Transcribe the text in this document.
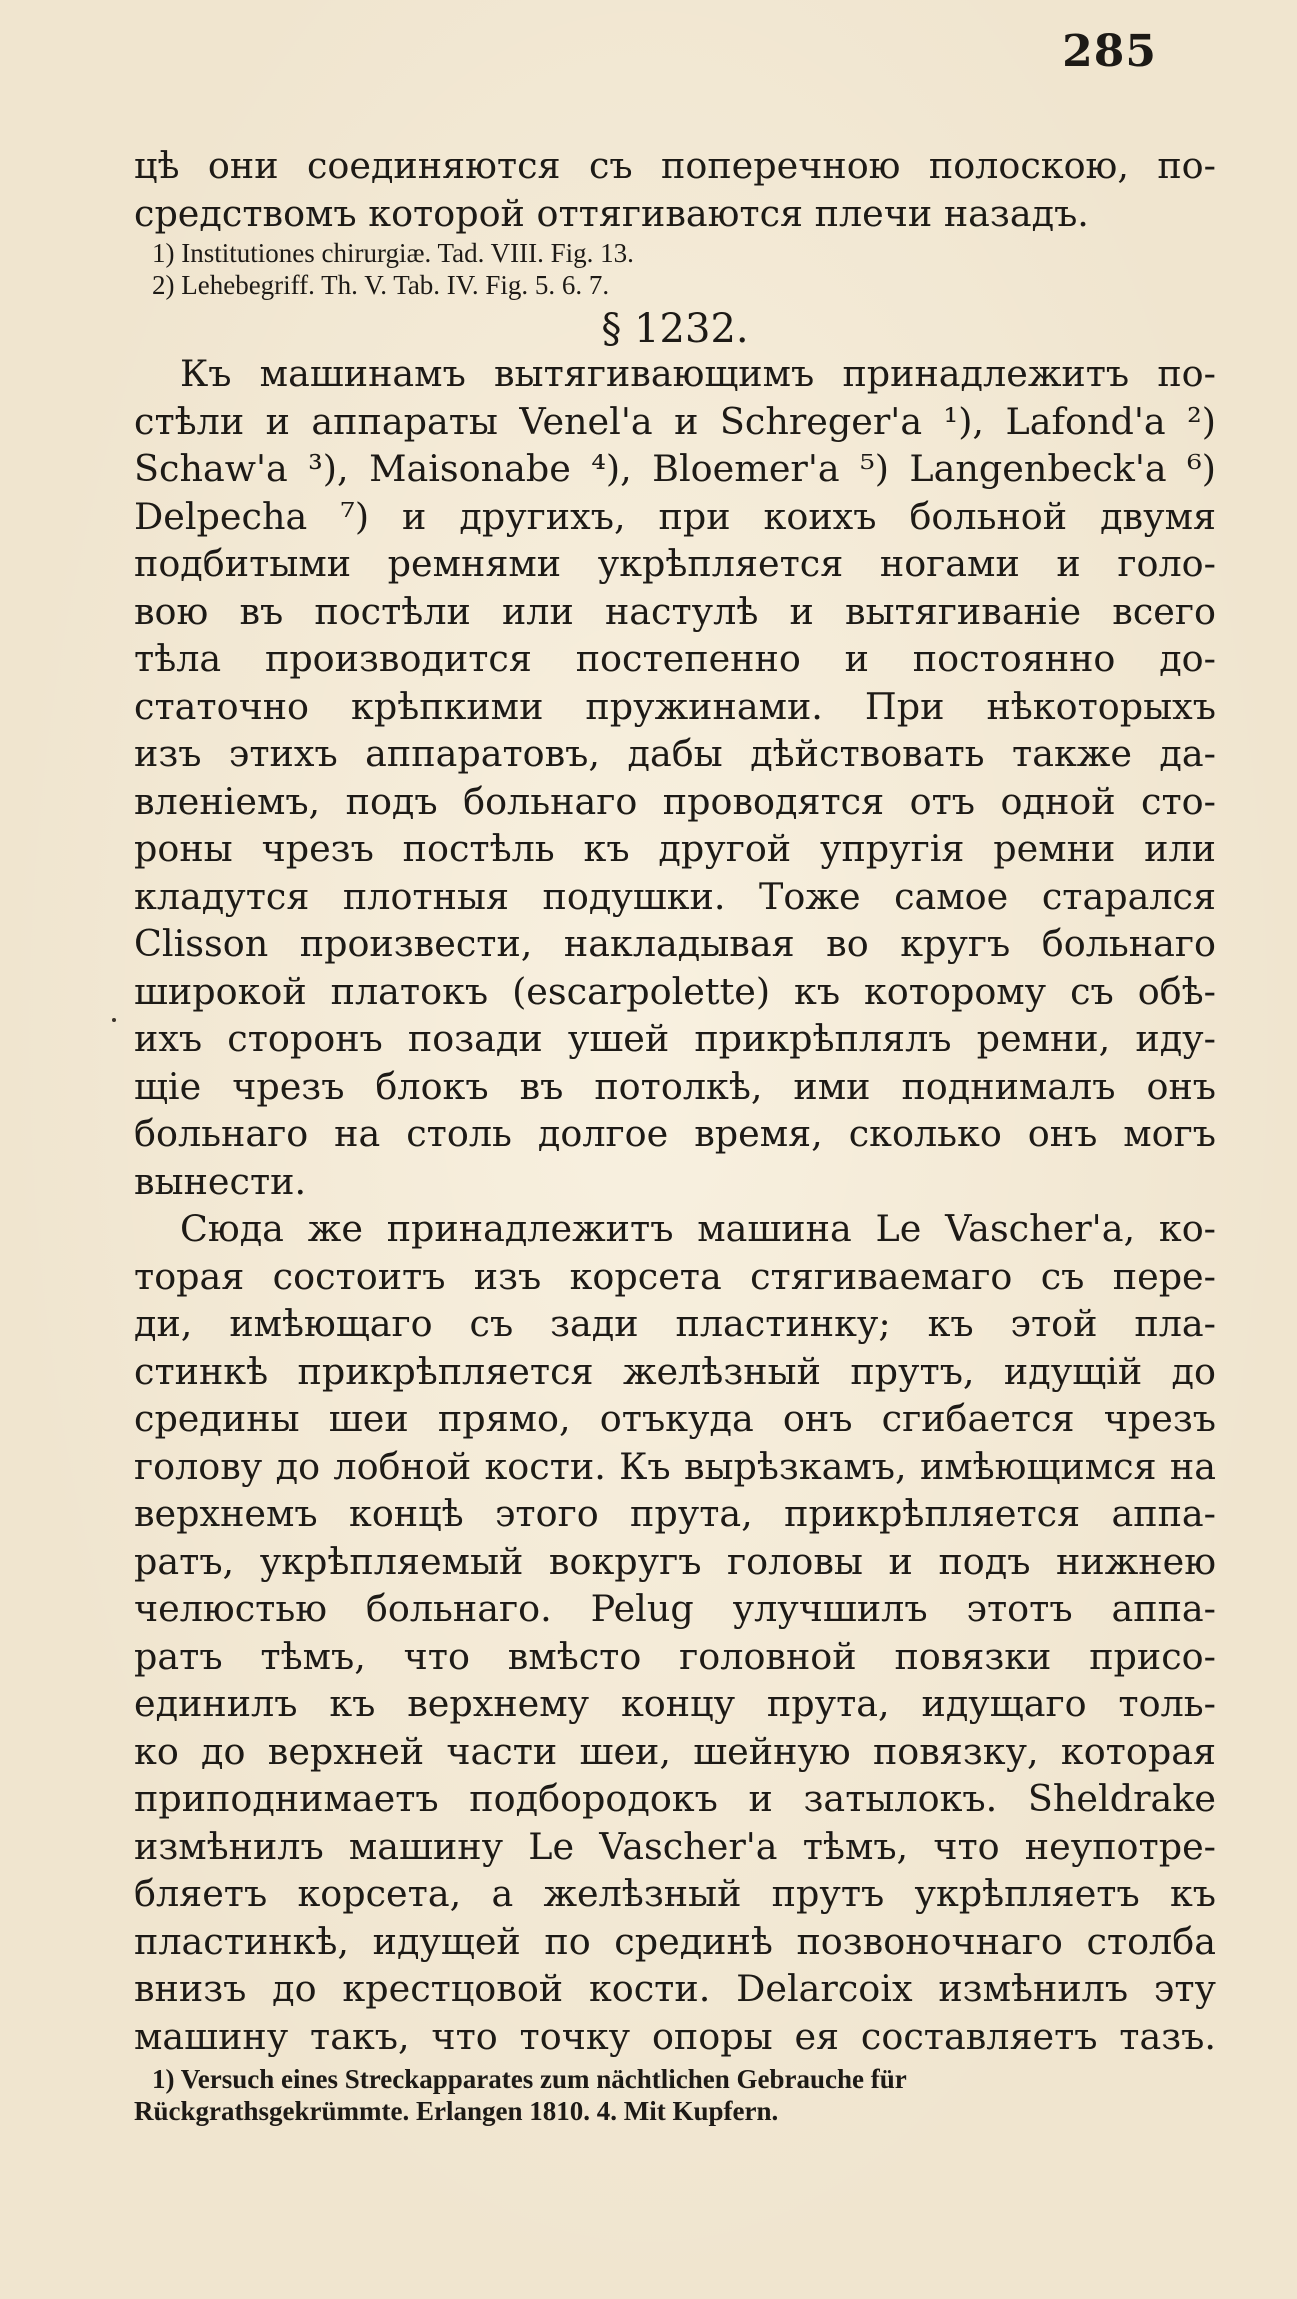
285
цѣ они соединяются съ поперечною полоскою, по-
средствомъ которой оттягиваются плечи назадъ.
1) Institutiones chirurgiæ. Tad. VIII. Fig. 13.
2) Lehebegriff. Th. V. Tab. IV. Fig. 5. 6. 7.
§ 1232.
Къ машинамъ вытягивающимъ принадлежитъ по-
стѣли и аппараты Venel'а и Schreger'а ¹), Lafond'а ²)
Schaw'а ³), Maisonabe ⁴), Bloemer'а ⁵) Langenbeck'а ⁶)
Delpecha ⁷) и другихъ, при коихъ больной двумя
подбитыми ремнями укрѣпляется ногами и голо-
вою въ постѣли или настулѣ и вытягиваніе всего
тѣла производится постепенно и постоянно до-
статочно крѣпкими пружинами. При нѣкоторыхъ
изъ этихъ аппаратовъ, дабы дѣйствовать также да-
вленіемъ, подъ больнаго проводятся отъ одной сто-
роны чрезъ постѣль къ другой упругія ремни или
кладутся плотныя подушки. Тоже самое старался
Clisson произвести, накладывая во кругъ больнаго
широкой платокъ (escarpolette) къ которому съ обѣ-
ихъ сторонъ позади ушей прикрѣплялъ ремни, иду-
щіе чрезъ блокъ въ потолкѣ, ими поднималъ онъ
больнаго на столь долгое время, сколько онъ могъ
вынести.
Сюда же принадлежитъ машина Le Vascher'а, ко-
торая состоитъ изъ корсета стягиваемаго съ пере-
ди, имѣющаго съ зади пластинку; къ этой пла-
стинкѣ прикрѣпляется желѣзный прутъ, идущій до
средины шеи прямо, отъкуда онъ сгибается чрезъ
голову до лобной кости. Къ вырѣзкамъ, имѣющимся на
верхнемъ концѣ этого прута, прикрѣпляется аппа-
ратъ, укрѣпляемый вокругъ головы и подъ нижнею
челюстью больнаго. Pelug улучшилъ этотъ аппа-
ратъ тѣмъ, что вмѣсто головной повязки присо-
единилъ къ верхнему концу прута, идущаго толь-
ко до верхней части шеи, шейную повязку, которая
приподнимаетъ подбородокъ и затылокъ. Sheldrake
измѣнилъ машину Le Vascher'а тѣмъ, что неупотре-
бляетъ корсета, а желѣзный прутъ укрѣпляетъ къ
пластинкѣ, идущей по срединѣ позвоночнаго столба
внизъ до крестцовой кости. Delarcoix измѣнилъ эту
машину такъ, что точку опоры ея составляетъ тазъ.
1) Versuch eines Streckapparates zum nächtlichen Gebrauche für
Rückgrathsgekrümmte. Erlangen 1810. 4. Mit Kupfern.
